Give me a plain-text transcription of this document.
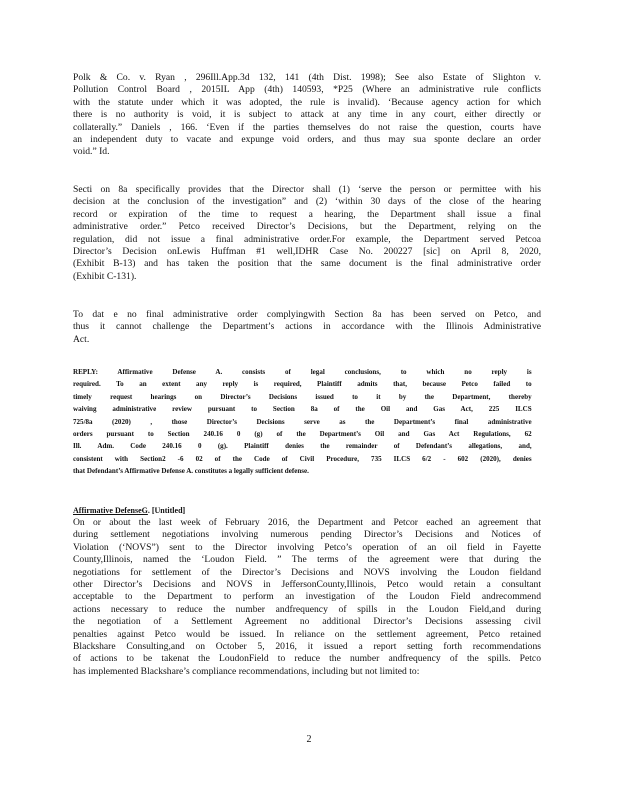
Polk & Co. v. Ryan , 296Ill.App.3d 132, 141 (4th Dist. 1998); See also Estate of Slighton v.
Pollution Control Board , 2015IL App (4th) 140593, *P25 (Where an administrative rule conflicts
with the statute under which it was adopted, the rule is invalid). ‘Because agency action for which
there is no authority is void, it is subject to attack at any time in any court, either directly or
collaterally.” Daniels , 166. ‘Even if the parties themselves do not raise the question, courts have
an independent duty to vacate and expunge void orders, and thus may sua sponte declare an order
void.” Id.
Secti on 8a specifically provides that the Director shall (1) ‘serve the person or permittee with his
decision at the conclusion of the investigation” and (2) ‘within 30 days of the close of the hearing
record or expiration of the time to request a hearing, the Department shall issue a final
administrative order.” Petco received Director’s Decisions, but the Department, relying on the
regulation, did not issue a final administrative order.For example, the Department served Petcoa
Director’s Decision onLewis Huffman #1 well,IDHR Case No. 200227 [sic] on April 8, 2020,
(Exhibit B-13) and has taken the position that the same document is the final administrative order
(Exhibit C-131).
To dat e no final administrative order complyingwith Section 8a has been served on Petco, and
thus it cannot challenge the Department’s actions in accordance with the Illinois Administrative
Act.
REPLY: Affirmative Defense A. consists of legal conclusions, to which no reply is
required. To an extent any reply is required, Plaintiff admits that, because Petco failed to
timely request hearings on Director’s Decisions issued to it by the Department, thereby
waiving administrative review pursuant to Section 8a of the Oil and Gas Act, 225 ILCS
725/8a (2020) , those Director’s Decisions serve as the Department’s final administrative
orders pursuant to Section 240.16 0 (g) of the Department’s Oil and Gas Act Regulations, 62
Ill. Adm. Code 240.16 0 (g). Plaintiff denies the remainder of Defendant’s allegations, and,
consistent with Section2 -6 02 of the Code of Civil Procedure, 735 ILCS 6/2 - 602 (2020), denies
that Defendant’s Affirmative Defense A. constitutes a legally sufficient defense.
Affirmative DefenseG. [Untitled]
On or about the last week of February 2016, the Department and Petcor eached an agreement that
during settlement negotiations involving numerous pending Director’s Decisions and Notices of
Violation (‘NOVS”) sent to the Director involving Petco’s operation of an oil field in Fayette
County,Illinois, named the ‘Loudon Field. ” The terms of the agreement were that during the
negotiations for settlement of the Director’s Decisions and NOVS involving the Loudon fieldand
other Director’s Decisions and NOVS in JeffersonCounty,Illinois, Petco would retain a consultant
acceptable to the Department to perform an investigation of the Loudon Field andrecommend
actions necessary to reduce the number andfrequency of spills in the Loudon Field,and during
the negotiation of a Settlement Agreement no additional Director’s Decisions assessing civil
penalties against Petco would be issued. In reliance on the settlement agreement, Petco retained
Blackshare Consulting,and on October 5, 2016, it issued a report setting forth recommendations
of actions to be takenat the LoudonField to reduce the number andfrequency of the spills. Petco
has implemented Blackshare’s compliance recommendations, including but not limited to:
2
